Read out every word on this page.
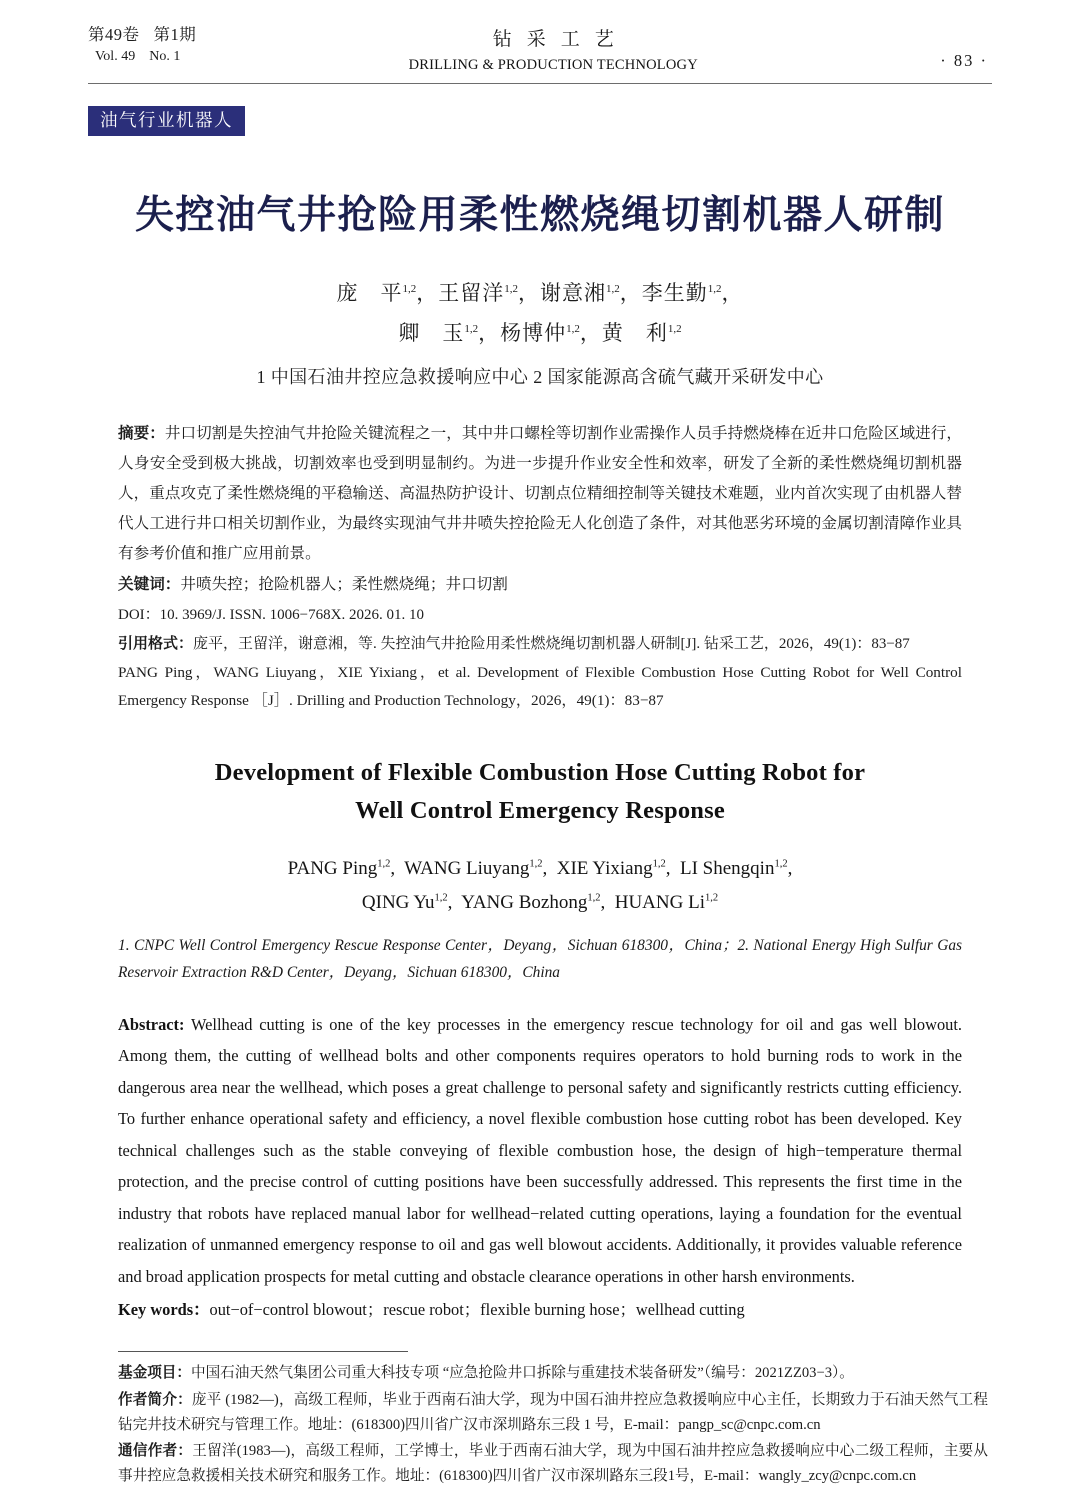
第49卷 第1期
Vol. 49 No. 1
钻采工艺
DRILLING & PRODUCTION TECHNOLOGY	· 83 ·
油气行业机器人
失控油气井抢险用柔性燃烧绳切割机器人研制
庞　平$^{1,2}$，王留洋$^{1,2}$，谢意湘$^{1,2}$，李生勤$^{1,2}$，
卿　玉$^{1,2}$，杨博仲$^{1,2}$，黄　利$^{1,2}$
1 中国石油井控应急救援响应中心 2 国家能源高含硫气藏开采研发中心
摘要：井口切割是失控油气井抢险关键流程之一，其中井口螺栓等切割作业需操作人员手持燃烧棒在近井口危险区域进行，人身安全受到极大挑战，切割效率也受到明显制约。为进一步提升作业安全性和效率，研发了全新的柔性燃烧绳切割机器人，重点攻克了柔性燃烧绳的平稳输送、高温热防护设计、切割点位精细控制等关键技术难题，业内首次实现了由机器人替代人工进行井口相关切割作业，为最终实现油气井井喷失控抢险无人化创造了条件，对其他恶劣环境的金属切割清障作业具有参考价值和推广应用前景。
关键词：井喷失控；抢险机器人；柔性燃烧绳；井口切割
DOI：10. 3969/J. ISSN. 1006−768X. 2026. 01. 10
引用格式：庞平，王留洋，谢意湘，等. 失控油气井抢险用柔性燃烧绳切割机器人研制[J]. 钻采工艺，2026，49(1)：83−87
PANG Ping，WANG Liuyang，XIE Yixiang，et al. Development of Flexible Combustion Hose Cutting Robot for Well Control Emergency Response ［J］. Drilling and Production Technology，2026，49(1)：83−87
Development of Flexible Combustion Hose Cutting Robot for
Well Control Emergency Response
PANG Ping$^{1,2}$,  WANG Liuyang$^{1,2}$,  XIE Yixiang$^{1,2}$,  LI Shengqin$^{1,2}$,
QING Yu$^{1,2}$,  YANG Bozhong$^{1,2}$,  HUANG Li$^{1,2}$
1. CNPC Well Control Emergency Rescue Response Center，Deyang，Sichuan 618300，China；2. National Energy High Sulfur Gas Reservoir Extraction R&D Center，Deyang，Sichuan 618300，China
Abstract: Wellhead cutting is one of the key processes in the emergency rescue technology for oil and gas well blowout. Among them, the cutting of wellhead bolts and other components requires operators to hold burning rods to work in the dangerous area near the wellhead, which poses a great challenge to personal safety and significantly restricts cutting efficiency. To further enhance operational safety and efficiency, a novel flexible combustion hose cutting robot has been developed. Key technical challenges such as the stable conveying of flexible combustion hose, the design of high−temperature thermal protection, and the precise control of cutting positions have been successfully addressed. This represents the first time in the industry that robots have replaced manual labor for wellhead−related cutting operations, laying a foundation for the eventual realization of unmanned emergency response to oil and gas well blowout accidents. Additionally, it provides valuable reference and broad application prospects for metal cutting and obstacle clearance operations in other harsh environments.
Key words：out−of−control blowout；rescue robot；flexible burning hose；wellhead cutting
基金项目：中国石油天然气集团公司重大科技专项 “应急抢险井口拆除与重建技术装备研发”（编号：2021ZZ03−3）。
作者简介：庞平 (1982—)，高级工程师，毕业于西南石油大学，现为中国石油井控应急救援响应中心主任，长期致力于石油天然气工程钻完井技术研究与管理工作。地址：(618300)四川省广汉市深圳路东三段 1 号，E-mail：pangp_sc@cnpc.com.cn
通信作者：王留洋(1983—)，高级工程师，工学博士，毕业于西南石油大学，现为中国石油井控应急救援响应中心二级工程师，主要从事井控应急救援相关技术研究和服务工作。地址：(618300)四川省广汉市深圳路东三段1号，E-mail：wangly_zcy@cnpc.com.cn
